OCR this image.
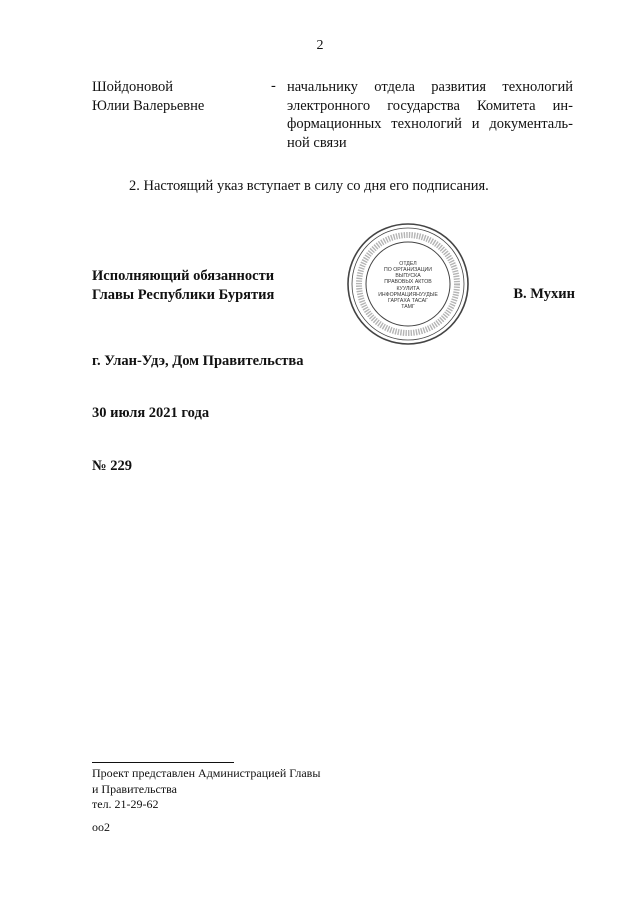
2
Шойдоновой
Юлии Валерьевне
- начальнику отдела развития технологий
электронного государства Комитета ин-
формационных технологий и документаль-
ной связи
2. Настоящий указ вступает в силу со дня его подписания.
Исполняющий обязанности
Главы Республики Бурятия
ОТДЕЛ
ПО ОРГАНИЗАЦИИ
ВЫПУСКА
ПРАВОВЫХ АКТОВ
КУУЛИТА
ИНФОРМАЦИЯНУУДЫЕ
ГАРГАХА ТАСАГ
ТАМГ
В. Мухин
г. Улан-Удэ, Дом Правительства
30 июля 2021 года
№ 229
Проект представлен Администрацией Главы
и Правительства
тел. 21-29-62
оо2
